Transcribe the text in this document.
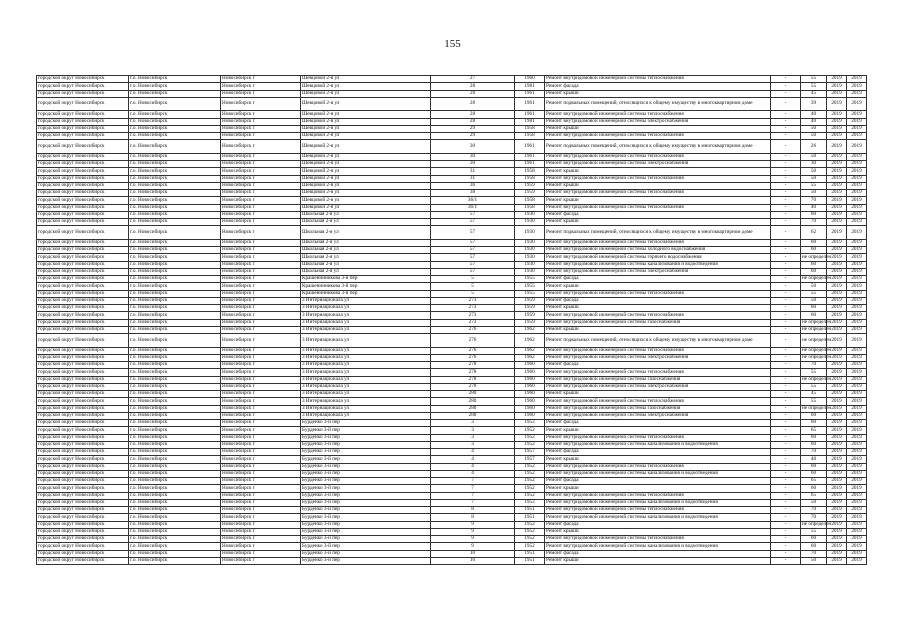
155
городской округ Новосибирск	г.о. Новосибирск	Новосибирск г	Шевцовой 2-я ул	27	1960	Ремонт внутридомовой инженерной системы теплоснабжения	-	55	2019	2019
городской округ Новосибирск	г.о. Новосибирск	Новосибирск г	Шевцовой 2-я ул	28	1981	Ремонт фасада	-	55	2019	2019
городской округ Новосибирск	г.о. Новосибирск	Новосибирск г	Шевцовой 2-я ул	28	1961	Ремонт крыши	-	45	2019	2019
городской округ Новосибирск	г.о. Новосибирск	Новосибирск г	Шевцовой 2-я ул	28	1961	Ремонт подвальных помещений, относящихся к общему имуществу в многоквартирном доме	-	39	2019	2019
городской округ Новосибирск	г.о. Новосибирск	Новосибирск г	Шевцовой 2-я ул	28	1961	Ремонт внутридомовой инженерной системы теплоснабжения	-	40	2019	2019
городской округ Новосибирск	г.о. Новосибирск	Новосибирск г	Шевцовой 2-я ул	28	1981	Ремонт внутридомовой инженерной системы электроснабжения	-	40	2019	2019
городской округ Новосибирск	г.о. Новосибирск	Новосибирск г	Шевцовой 2-я ул	29	1958	Ремонт крыши	-	50	2019	2019
городской округ Новосибирск	г.о. Новосибирск	Новосибирск г	Шевцовой 2-я ул	29	1958	Ремонт внутридомовой инженерной системы теплоснабжения	-	50	2019	2019
городской округ Новосибирск	г.о. Новосибирск	Новосибирск г	Шевцовой 2-я ул	30	1961	Ремонт подвальных помещений, относящихся к общему имуществу в многоквартирном доме	-	26	2019	2019
городской округ Новосибирск	г.о. Новосибирск	Новосибирск г	Шевцовой 2-я ул	30	1961	Ремонт внутридомовой инженерной системы теплоснабжения	-	50	2019	2019
городской округ Новосибирск	г.о. Новосибирск	Новосибирск г	Шевцовой 2-я ул	30	1961	Ремонт внутридомовой инженерной системы электроснабжения	-	30	2019	2019
городской округ Новосибирск	г.о. Новосибирск	Новосибирск г	Шевцовой 2-я ул	31	1958	Ремонт крыши	-	50	2019	2019
городской округ Новосибирск	г.о. Новосибирск	Новосибирск г	Шевцовой 2-я ул	31	1958	Ремонт внутридомовой инженерной системы теплоснабжения	-	50	2019	2019
городской округ Новосибирск	г.о. Новосибирск	Новосибирск г	Шевцовой 2-я ул	36	1959	Ремонт крыши	-	55	2019	2019
городской округ Новосибирск	г.о. Новосибирск	Новосибирск г	Шевцовой 2-я ул	38	1959	Ремонт внутридомовой инженерной системы теплоснабжения	-	50	2019	2019
городской округ Новосибирск	г.о. Новосибирск	Новосибирск г	Шевцовой 2-я ул	36/1	1958	Ремонт крыши	-	70	2019	2019
городской округ Новосибирск	г.о. Новосибирск	Новосибирск г	Шевцовой 2-я ул	36/1	1958	Ремонт внутридомовой инженерной системы теплоснабжения	-	40	2019	2019
городской округ Новосибирск	г.о. Новосибирск	Новосибирск г	Школьная 2-я ул	57	1930	Ремонт фасада	-	60	2019	2019
городской округ Новосибирск	г.о. Новосибирск	Новосибирск г	Школьная 2-я ул	57	1930	Ремонт крыши	-	70	2019	2019
городской округ Новосибирск	г.о. Новосибирск	Новосибирск г	Школьная 2-я ул	57	1930	Ремонт подвальных помещений, относящихся к общему имуществу в многоквартирном доме	-	62	2019	2019
городской округ Новосибирск	г.о. Новосибирск	Новосибирск г	Школьная 2-я ул	57	1930	Ремонт внутридомовой инженерной системы теплоснабжения	-	60	2019	2019
городской округ Новосибирск	г.о. Новосибирск	Новосибирск г	Школьная 2-я ул	57	1930	Ремонт внутридомовой инженерной системы холодного водоснабжения	-	60	2019	2019
городской округ Новосибирск	г.о. Новосибирск	Новосибирск г	Школьная 2-я ул	57	1930	Ремонт внутридомовой инженерной системы горячего водоснабжения	-	не определен	2019	2019
городской округ Новосибирск	г.о. Новосибирск	Новосибирск г	Школьная 2-я ул	57	1930	Ремонт внутридомовой инженерной системы канализования и водоотведения	-	60	2019	2019
городской округ Новосибирск	г.о. Новосибирск	Новосибирск г	Школьная 2-я ул	57	1930	Ремонт внутридомовой инженерной системы электроснабжения	-	60	2019	2019
городской округ Новосибирск	г.о. Новосибирск	Новосибирск г	Крашенинникова 3-й пер	5	1955	Ремонт фасада	-	не определен	2019	2019
городской округ Новосибирск	г.о. Новосибирск	Новосибирск г	Крашенинникова 3-й пер	5	1955	Ремонт крыши	-	50	2019	2019
городской округ Новосибирск	г.о. Новосибирск	Новосибирск г	Крашенинникова 3-й пер	5	1955	Ремонт внутридомовой инженерной системы теплоснабжения	-	55	2019	2019
городской округ Новосибирск	г.о. Новосибирск	Новосибирск г	3 Интернационала ул	273	1959	Ремонт фасада	-	50	2019	2019
городской округ Новосибирск	г.о. Новосибирск	Новосибирск г	3 Интернационала ул	273	1959	Ремонт крыши	-	60	2019	2019
городской округ Новосибирск	г.о. Новосибирск	Новосибирск г	3 Интернационала ул	273	1959	Ремонт внутридомовой инженерной системы теплоснабжения	-	60	2019	2019
городской округ Новосибирск	г.о. Новосибирск	Новосибирск г	3 Интернационала ул	273	1959	Ремонт внутридомовой инженерной системы газоснабжения	-	не определен	2019	2019
городской округ Новосибирск	г.о. Новосибирск	Новосибирск г	3 Интернационала ул	276	1962	Ремонт крыши	-	не определен	2019	2019
городской округ Новосибирск	г.о. Новосибирск	Новосибирск г	3 Интернационала ул	276	1962	Ремонт подвальных помещений, относящихся к общему имуществу в многоквартирном доме	-	не определен	2019	2019
городской округ Новосибирск	г.о. Новосибирск	Новосибирск г	3 Интернационала ул	276	1962	Ремонт внутридомовой инженерной системы теплоснабжения	-	не определен	2019	2019
городской округ Новосибирск	г.о. Новосибирск	Новосибирск г	3 Интернационала ул	276	1962	Ремонт внутридомовой инженерной системы электроснабжения	-	не определен	2019	2019
городской округ Новосибирск	г.о. Новосибирск	Новосибирск г	3 Интернационала ул	278	1960	Ремонт фасада	-	70	2019	2019
городской округ Новосибирск	г.о. Новосибирск	Новосибирск г	3 Интернационала ул	278	1960	Ремонт внутридомовой инженерной системы теплоснабжения	-	55	2019	2019
городской округ Новосибирск	г.о. Новосибирск	Новосибирск г	3 Интернационала ул	278	1960	Ремонт внутридомовой инженерной системы газоснабжения	-	не определен	2019	2019
городской округ Новосибирск	г.о. Новосибирск	Новосибирск г	3 Интернационала ул	278	1960	Ремонт внутридомовой инженерной системы электроснабжения	-	55	2019	2019
городской округ Новосибирск	г.о. Новосибирск	Новосибирск г	3 Интернационала ул	280	1960	Ремонт крыши	-	45	2019	2019
городской округ Новосибирск	г.о. Новосибирск	Новосибирск г	3 Интернационала ул	280	1960	Ремонт внутридомовой инженерной системы теплоснабжения	-	55	2019	2019
городской округ Новосибирск	г.о. Новосибирск	Новосибирск г	3 Интернационала ул	280	1960	Ремонт внутридомовой инженерной системы газоснабжения	-	не определен	2019	2019
городской округ Новосибирск	г.о. Новосибирск	Новосибирск г	3 Интернационала ул	280	1960	Ремонт внутридомовой инженерной системы электроснабжения	-	60	2019	2019
городской округ Новосибирск	г.о. Новосибирск	Новосибирск г	Бурденко 3-й пер	3	1952	Ремонт фасада	-	60	2019	2019
городской округ Новосибирск	г.о. Новосибирск	Новосибирск г	Бурденко 3-й пер	3	1952	Ремонт крыши	-	65	2019	2019
городской округ Новосибирск	г.о. Новосибирск	Новосибирск г	Бурденко 3-й пер	3	1952	Ремонт внутридомовой инженерной системы теплоснабжения	-	60	2019	2019
городской округ Новосибирск	г.о. Новосибирск	Новосибирск г	Бурденко 3-й пер	3	1952	Ремонт внутридомовой инженерной системы канализования и водоотведения	-	60	2019	2019
городской округ Новосибирск	г.о. Новосибирск	Новосибирск г	Бурденко 3-й пер	4	1957	Ремонт фасада	-	70	2019	2019
городской округ Новосибирск	г.о. Новосибирск	Новосибирск г	Бурденко 3-й пер	4	1957	Ремонт крыши	-	40	2019	2019
городской округ Новосибирск	г.о. Новосибирск	Новосибирск г	Бурденко 3-й пер	4	1952	Ремонт внутридомовой инженерной системы теплоснабжения	-	60	2019	2019
городской округ Новосибирск	г.о. Новосибирск	Новосибирск г	Бурденко 3-й пер	4	1952	Ремонт внутридомовой инженерной системы канализования и водоотведения	-	60	2019	2019
городской округ Новосибирск	г.о. Новосибирск	Новосибирск г	Бурденко 3-й пер	7	1952	Ремонт фасада	-	65	2019	2019
городской округ Новосибирск	г.о. Новосибирск	Новосибирск г	Бурденко 3-й пер	7	1952	Ремонт крыши	-	60	2019	2019
городской округ Новосибирск	г.о. Новосибирск	Новосибирск г	Бурденко 3-й пер	7	1952	Ремонт внутридомовой инженерной системы теплоснабжения	-	65	2019	2019
городской округ Новосибирск	г.о. Новосибирск	Новосибирск г	Бурденко 3-й пер	7	1952	Ремонт внутридомовой инженерной системы канализования и водоотведения	-	50	2019	2019
городской округ Новосибирск	г.о. Новосибирск	Новосибирск г	Бурденко 3-й пер	8	1951	Ремонт внутридомовой инженерной системы теплоснабжения	-	70	2019	2019
городской округ Новосибирск	г.о. Новосибирск	Новосибирск г	Бурденко 3-й пер	8	1951	Ремонт внутридомовой инженерной системы канализования и водоотведения	-	70	2019	2019
городской округ Новосибирск	г.о. Новосибирск	Новосибирск г	Бурденко 3-й пер	9	1952	Ремонт фасада	-	не определен	2019	2019
городской округ Новосибирск	г.о. Новосибирск	Новосибирск г	Бурденко 3-й пер	9	1952	Ремонт крыши	-	55	2019	2019
городской округ Новосибирск	г.о. Новосибирск	Новосибирск г	Бурденко 3-й пер	9	1952	Ремонт внутридомовой инженерной системы теплоснабжения	-	60	2019	2019
городской округ Новосибирск	г.о. Новосибирск	Новосибирск г	Бурденко 3-й пер	9	1952	Ремонт внутридомовой инженерной системы канализования и водоотведения	-	60	2019	2019
городской округ Новосибирск	г.о. Новосибирск	Новосибирск г	Бурденко 3-й пер	10	1951	Ремонт фасада	-	70	2019	2019
городской округ Новосибирск	г.о. Новосибирск	Новосибирск г	Бурденко 3-й пер	10	1951	Ремонт крыши	-	50	2019	2019
